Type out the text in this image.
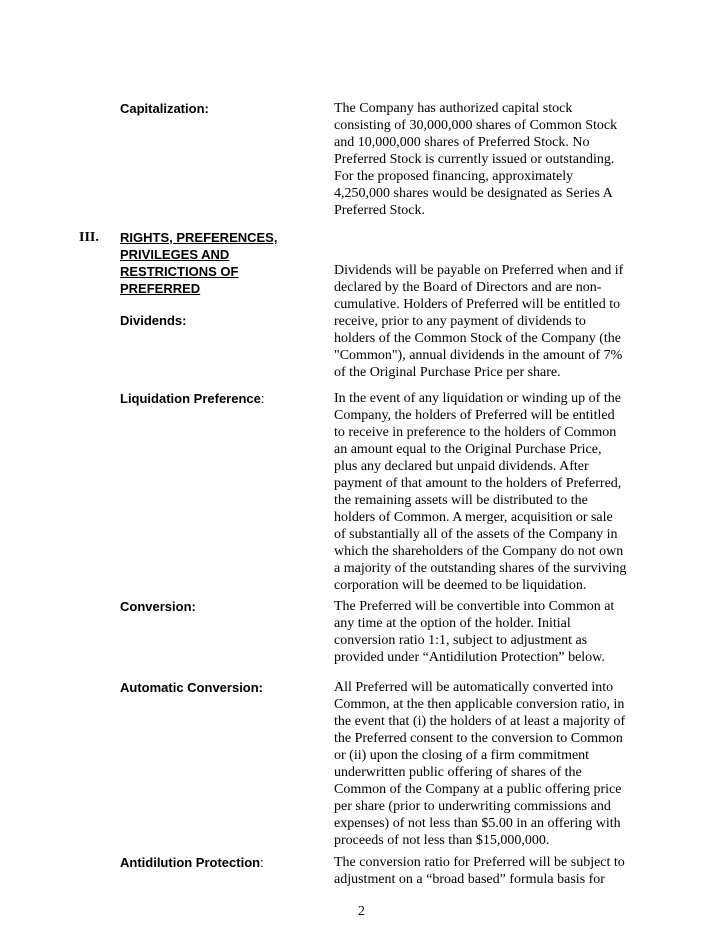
Capitalization:	The Company has authorized capital stock
consisting of 30,000,000 shares of Common Stock
and 10,000,000 shares of Preferred Stock. No
Preferred Stock is currently issued or outstanding.
For the proposed financing, approximately
4,250,000 shares would be designated as Series A
Preferred Stock.
III. RIGHTS, PREFERENCES,
PRIVILEGES AND
RESTRICTIONS OF
PREFERRED
Dividends:
Dividends will be payable on Preferred when and if
declared by the Board of Directors and are non-
cumulative. Holders of Preferred will be entitled to
receive, prior to any payment of dividends to
holders of the Common Stock of the Company (the
"Common"), annual dividends in the amount of 7%
of the Original Purchase Price per share.
Liquidation Preference:	In the event of any liquidation or winding up of the
Company, the holders of Preferred will be entitled
to receive in preference to the holders of Common
an amount equal to the Original Purchase Price,
plus any declared but unpaid dividends. After
payment of that amount to the holders of Preferred,
the remaining assets will be distributed to the
holders of Common. A merger, acquisition or sale
of substantially all of the assets of the Company in
which the shareholders of the Company do not own
a majority of the outstanding shares of the surviving
corporation will be deemed to be liquidation.
Conversion:	The Preferred will be convertible into Common at
any time at the option of the holder. Initial
conversion ratio 1:1, subject to adjustment as
provided under “Antidilution Protection” below.
Automatic Conversion:	All Preferred will be automatically converted into
Common, at the then applicable conversion ratio, in
the event that (i) the holders of at least a majority of
the Preferred consent to the conversion to Common
or (ii) upon the closing of a firm commitment
underwritten public offering of shares of the
Common of the Company at a public offering price
per share (prior to underwriting commissions and
expenses) of not less than $5.00 in an offering with
proceeds of not less than $15,000,000.
Antidilution Protection:	The conversion ratio for Preferred will be subject to
adjustment on a “broad based” formula basis for
2
